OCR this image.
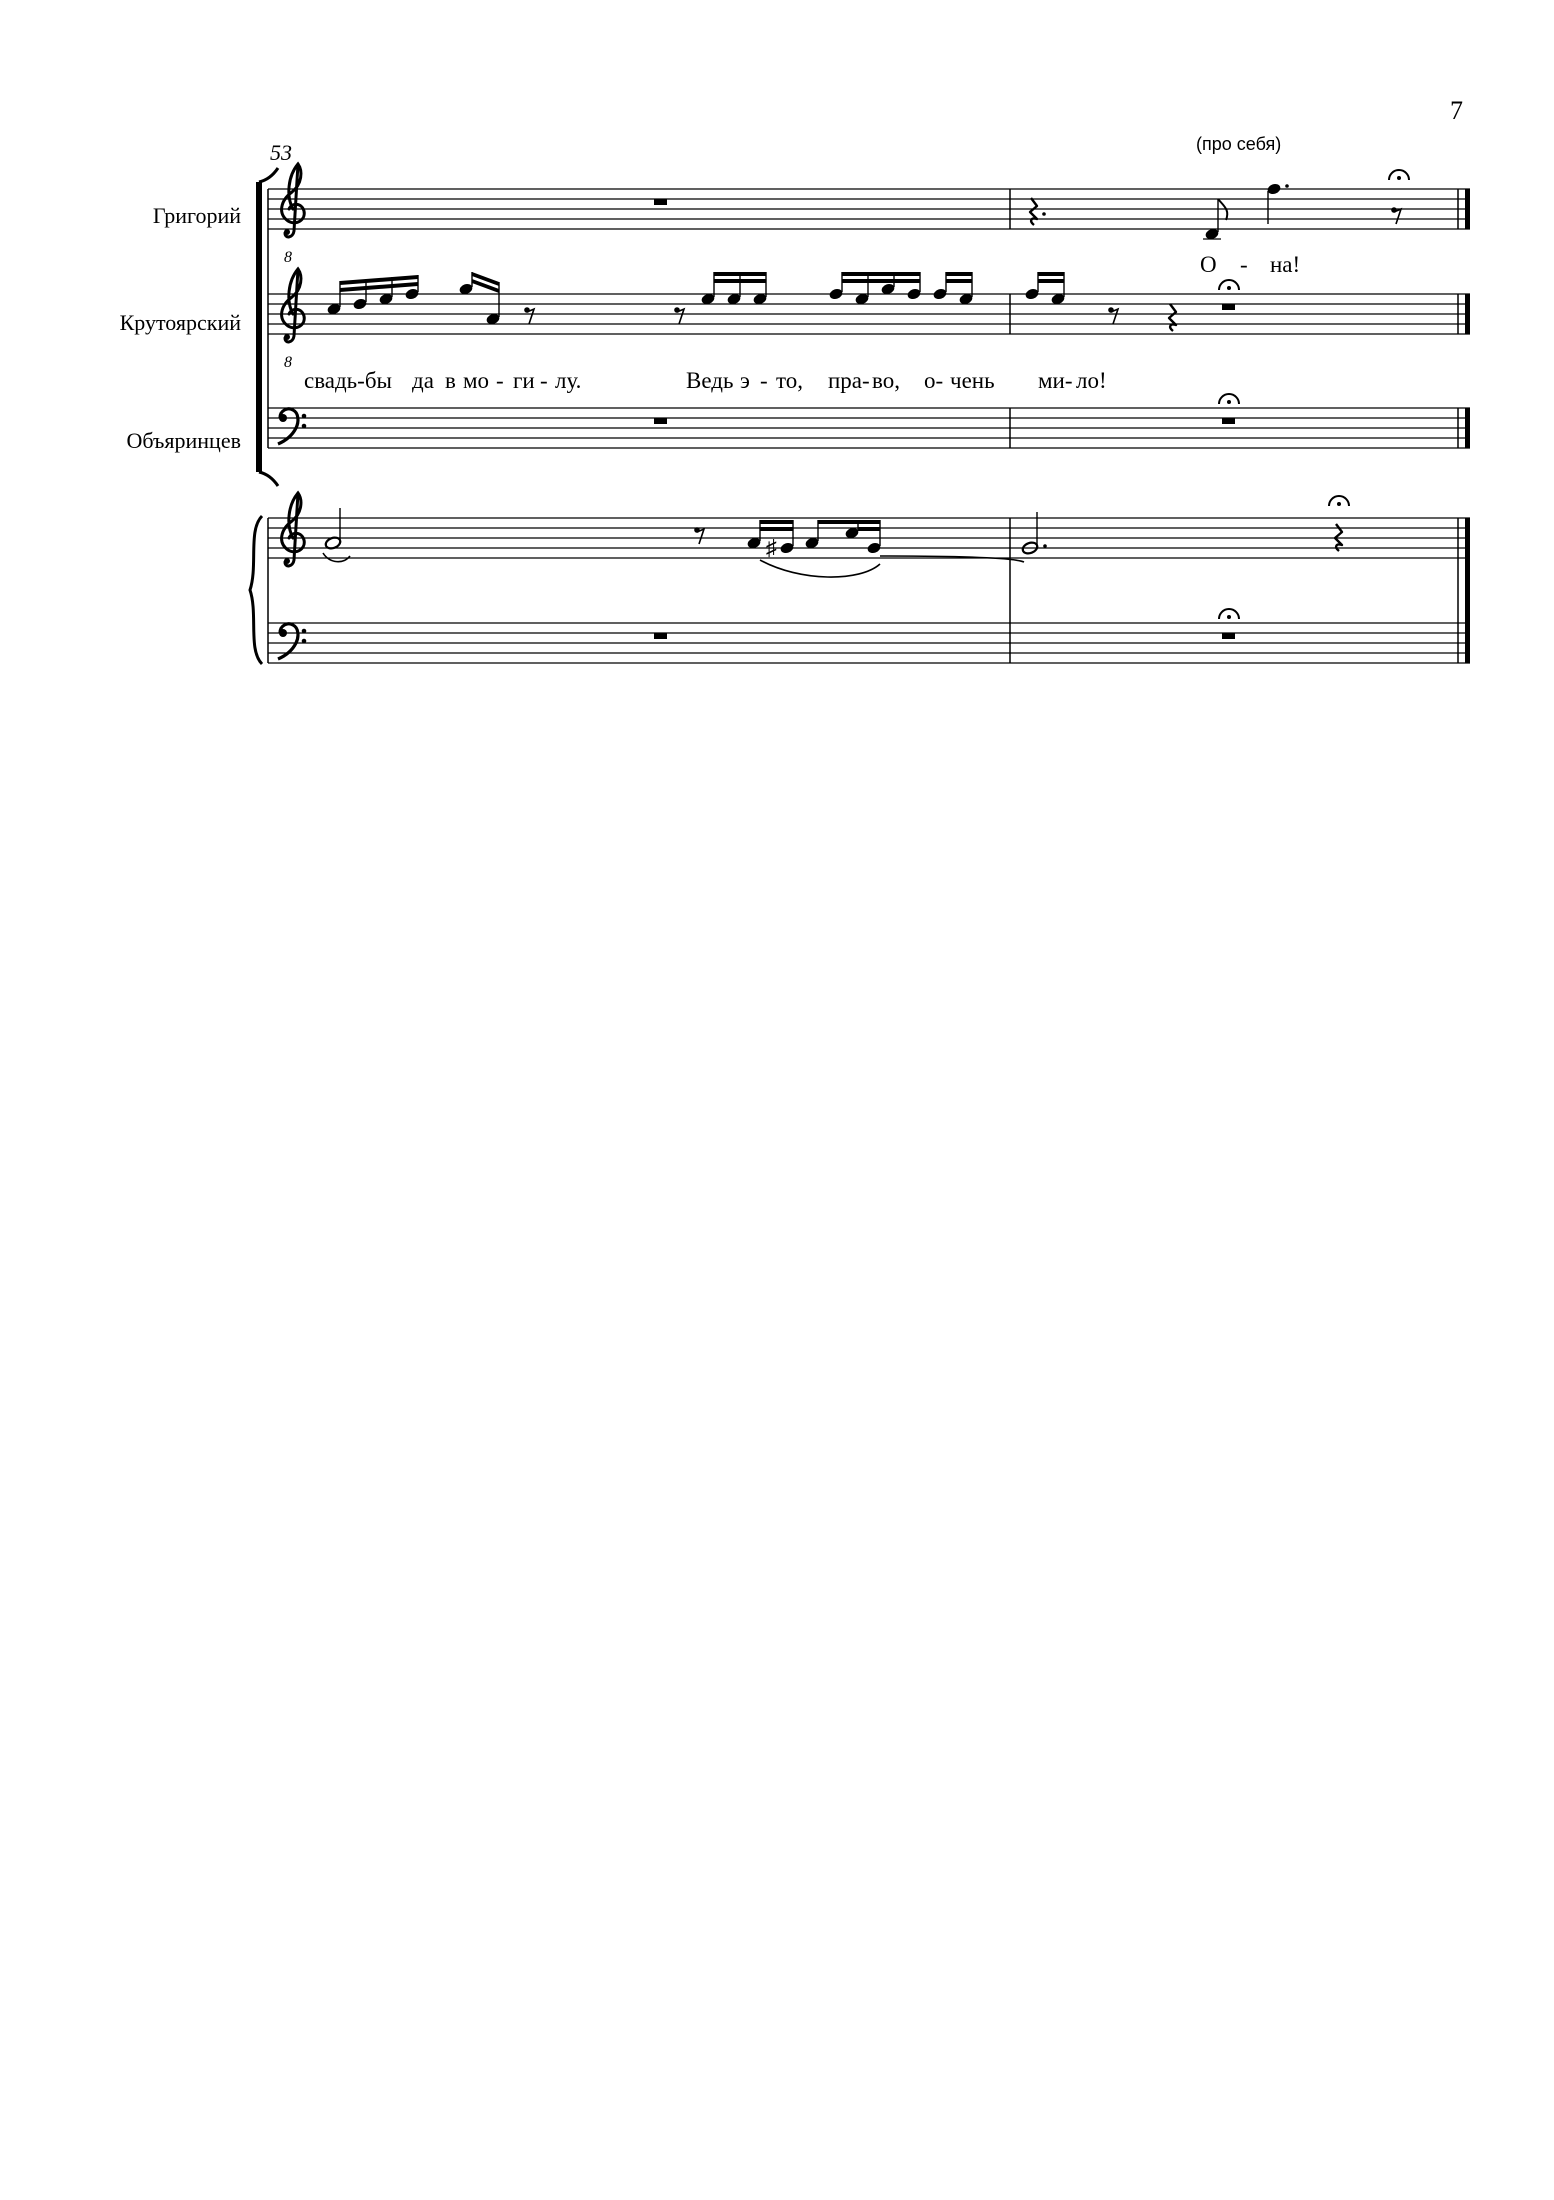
7
53	(про себя)
Григорий
Крутоярский
Объяринцев
О - на!
свадь-бы да в мо - ги - лу.	Ведь э - то, пра- во, о- чень ми- ло!
8
8
♯
